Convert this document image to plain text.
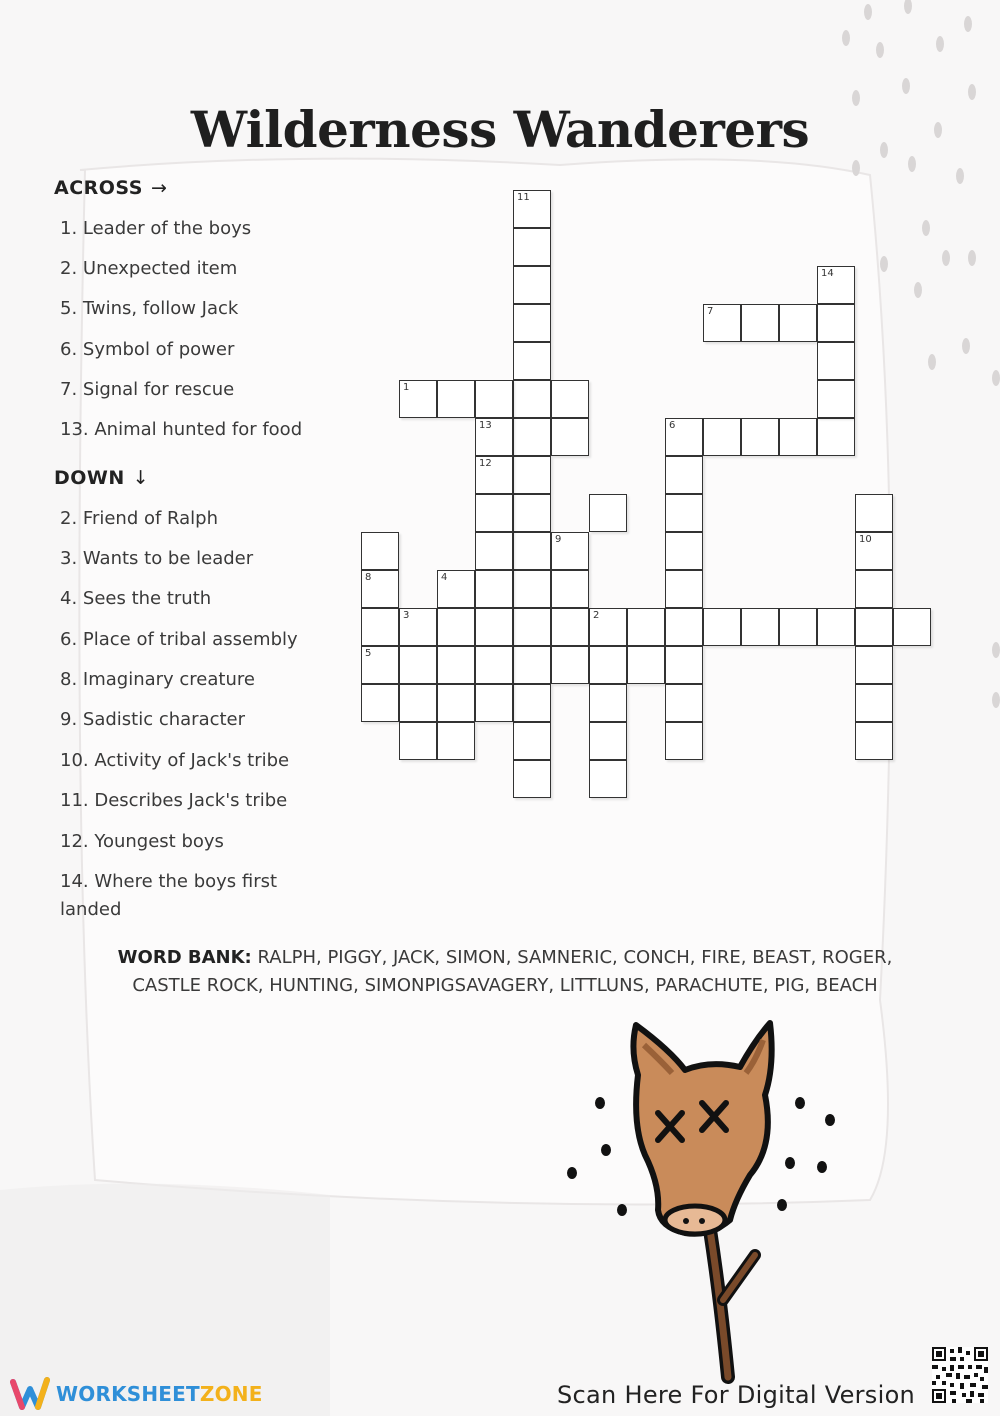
Wilderness Wanderers
ACROSS →
1. Leader of the boys
2. Unexpected item
5. Twins, follow Jack
6. Symbol of power
7. Signal for rescue
13. Animal hunted for food
DOWN ↓
2. Friend of Ralph
3. Wants to be leader
4. Sees the truth
6. Place of tribal assembly
8. Imaginary creature
9. Sadistic character
10. Activity of Jack's tribe
11. Describes Jack's tribe
12. Youngest boys
14. Where the boys first landed
11
1
13	6
12
9	10
8	4
3	2
5
7
14
WORD BANK: RALPH, PIGGY, JACK, SIMON, SAMNERIC, CONCH, FIRE, BEAST, ROGER, CASTLE ROCK, HUNTING, SIMONPIGSAVAGERY, LITTLUNS, PARACHUTE, PIG, BEACH
WORKSHEETZONE	Scan Here For Digital Version
